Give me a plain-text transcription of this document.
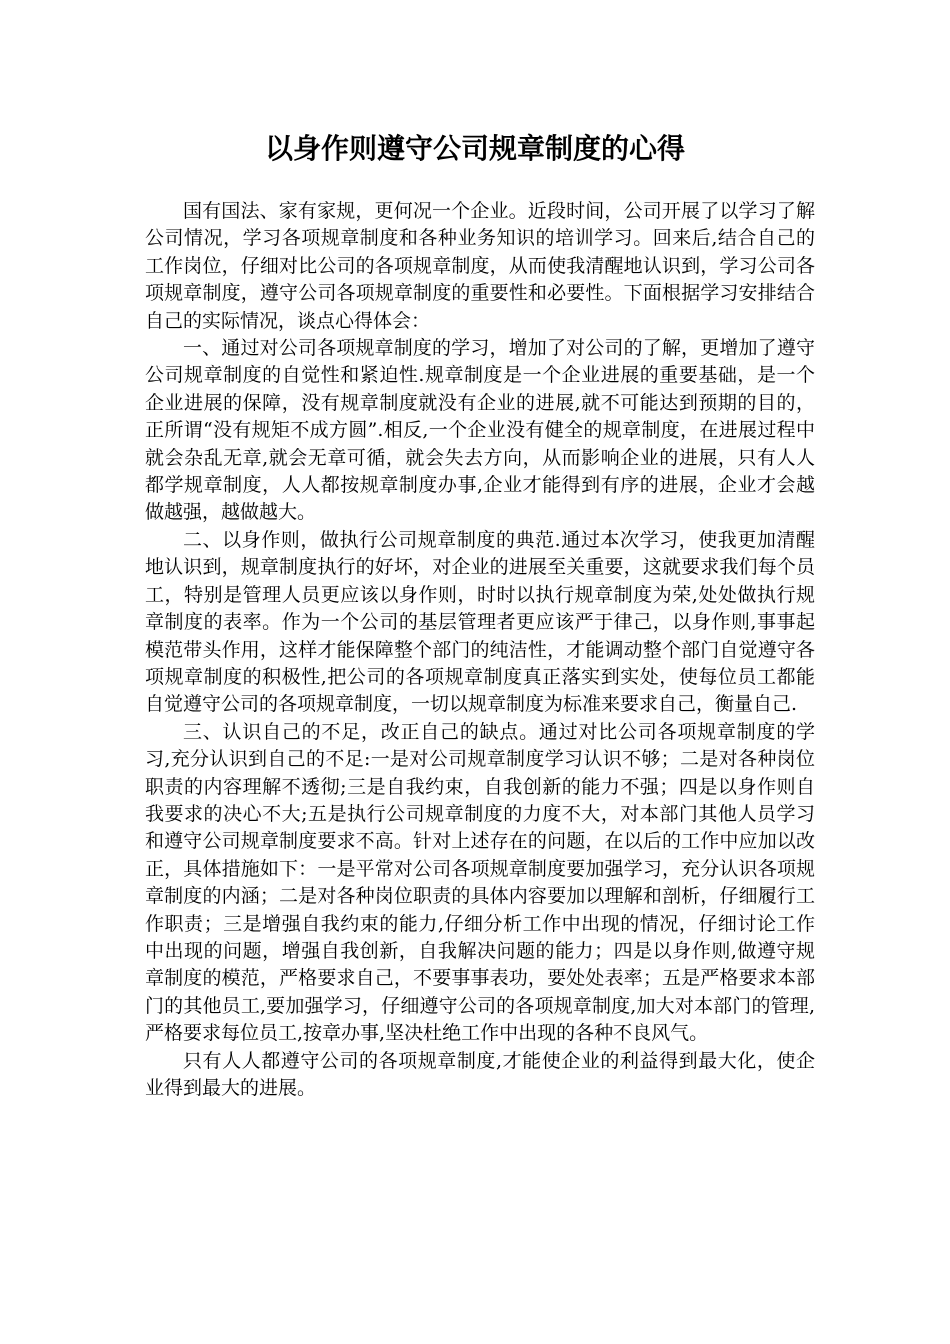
以身作则遵守公司规章制度的心得

国有国法、家有家规，更何况一个企业。近段时间，公司开展了以学习了解公司情况，学习各项规章制度和各种业务知识的培训学习。回来后,结合自己的工作岗位，仔细对比公司的各项规章制度，从而使我清醒地认识到，学习公司各项规章制度，遵守公司各项规章制度的重要性和必要性。下面根据学习安排结合自己的实际情况，谈点心得体会：

一、通过对公司各项规章制度的学习，增加了对公司的了解，更增加了遵守公司规章制度的自觉性和紧迫性.规章制度是一个企业进展的重要基础，是一个企业进展的保障，没有规章制度就没有企业的进展,就不可能达到预期的目的，正所谓“没有规矩不成方圆”.相反,一个企业没有健全的规章制度，在进展过程中就会杂乱无章,就会无章可循，就会失去方向，从而影响企业的进展，只有人人都学规章制度，人人都按规章制度办事,企业才能得到有序的进展，企业才会越做越强，越做越大。

二、以身作则，做执行公司规章制度的典范.通过本次学习，使我更加清醒地认识到，规章制度执行的好坏，对企业的进展至关重要，这就要求我们每个员工，特别是管理人员更应该以身作则，时时以执行规章制度为荣,处处做执行规章制度的表率。作为一个公司的基层管理者更应该严于律己，以身作则,事事起模范带头作用，这样才能保障整个部门的纯洁性，才能调动整个部门自觉遵守各项规章制度的积极性,把公司的各项规章制度真正落实到实处，使每位员工都能自觉遵守公司的各项规章制度，一切以规章制度为标准来要求自己，衡量自己.

三、认识自己的不足，改正自己的缺点。通过对比公司各项规章制度的学习,充分认识到自己的不足:一是对公司规章制度学习认识不够；二是对各种岗位职责的内容理解不透彻;三是自我约束，自我创新的能力不强；四是以身作则自我要求的决心不大;五是执行公司规章制度的力度不大，对本部门其他人员学习和遵守公司规章制度要求不高。针对上述存在的问题，在以后的工作中应加以改正，具体措施如下：一是平常对公司各项规章制度要加强学习，充分认识各项规章制度的内涵；二是对各种岗位职责的具体内容要加以理解和剖析，仔细履行工作职责；三是增强自我约束的能力,仔细分析工作中出现的情况，仔细讨论工作中出现的问题，增强自我创新，自我解决问题的能力；四是以身作则,做遵守规章制度的模范，严格要求自己，不要事事表功，要处处表率；五是严格要求本部门的其他员工,要加强学习，仔细遵守公司的各项规章制度,加大对本部门的管理,严格要求每位员工,按章办事,坚决杜绝工作中出现的各种不良风气。

只有人人都遵守公司的各项规章制度,才能使企业的利益得到最大化，使企业得到最大的进展。
